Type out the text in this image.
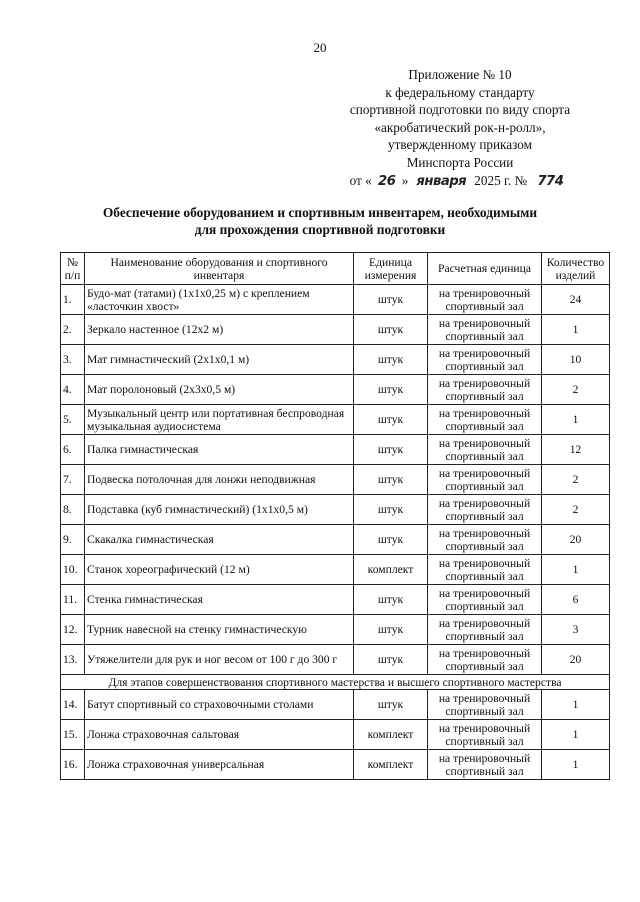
20
Приложение № 10
к федеральному стандарту
спортивной подготовки по виду спорта
«акробатический рок-н-ролл»,
утвержденному приказом
Минспорта России
от « 26 » января 2025 г. № 774
Обеспечение оборудованием и спортивным инвентарем, необходимыми
для прохождения спортивной подготовки
№ п/п	Наименование оборудования и спортивного инвентаря	Единица измерения	Расчетная единица	Количество изделий
1.	Будо-мат (татами) (1х1х0,25 м) с креплением «ласточкин хвост»	штук	на тренировочный спортивный зал	24
2.	Зеркало настенное (12х2 м)	штук	на тренировочный спортивный зал	1
3.	Мат гимнастический (2х1х0,1 м)	штук	на тренировочный спортивный зал	10
4.	Мат поролоновый (2х3х0,5 м)	штук	на тренировочный спортивный зал	2
5.	Музыкальный центр или портативная беспроводная музыкальная аудиосистема	штук	на тренировочный спортивный зал	1
6.	Палка гимнастическая	штук	на тренировочный спортивный зал	12
7.	Подвеска потолочная для лонжи неподвижная	штук	на тренировочный спортивный зал	2
8.	Подставка (куб гимнастический) (1х1х0,5 м)	штук	на тренировочный спортивный зал	2
9.	Скакалка гимнастическая	штук	на тренировочный спортивный зал	20
10.	Станок хореографический (12 м)	комплект	на тренировочный спортивный зал	1
11.	Стенка гимнастическая	штук	на тренировочный спортивный зал	6
12.	Турник навесной на стенку гимнастическую	штук	на тренировочный спортивный зал	3
13.	Утяжелители для рук и ног весом от 100 г до 300 г	штук	на тренировочный спортивный зал	20
Для этапов совершенствования спортивного мастерства и высшего спортивного мастерства				
14.	Батут спортивный со страховочными столами	штук	на тренировочный спортивный зал	1
15.	Лонжа страховочная сальтовая	комплект	на тренировочный спортивный зал	1
16.	Лонжа страховочная универсальная	комплект	на тренировочный спортивный зал	1
